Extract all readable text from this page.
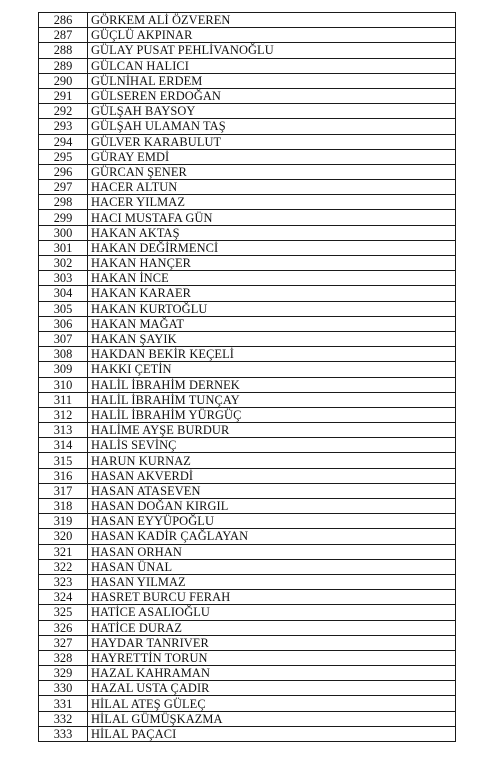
286	GÖRKEM ALİ ÖZVEREN
287	GÜÇLÜ AKPINAR
288	GÜLAY PUSAT PEHLİVANOĞLU
289	GÜLCAN HALICI
290	GÜLNİHAL ERDEM
291	GÜLSEREN ERDOĞAN
292	GÜLŞAH BAYSOY
293	GÜLŞAH ULAMAN TAŞ
294	GÜLVER KARABULUT
295	GÜRAY EMDİ
296	GÜRCAN ŞENER
297	HACER ALTUN
298	HACER YILMAZ
299	HACI MUSTAFA GÜN
300	HAKAN AKTAŞ
301	HAKAN DEĞİRMENCİ
302	HAKAN HANÇER
303	HAKAN İNCE
304	HAKAN KARAER
305	HAKAN KURTOĞLU
306	HAKAN MAĞAT
307	HAKAN ŞAYIK
308	HAKDAN BEKİR KEÇELİ
309	HAKKI ÇETİN
310	HALİL İBRAHİM DERNEK
311	HALİL İBRAHİM TUNÇAY
312	HALİL İBRAHİM YÜRGÜÇ
313	HALİME AYŞE BURDUR
314	HALİS SEVİNÇ
315	HARUN KURNAZ
316	HASAN AKVERDİ
317	HASAN ATASEVEN
318	HASAN DOĞAN KIRGIL
319	HASAN EYYÜPOĞLU
320	HASAN KADİR ÇAĞLAYAN
321	HASAN ORHAN
322	HASAN ÜNAL
323	HASAN YILMAZ
324	HASRET BURCU FERAH
325	HATİCE ASALIOĞLU
326	HATİCE DURAZ
327	HAYDAR TANRIVER
328	HAYRETTİN TORUN
329	HAZAL KAHRAMAN
330	HAZAL USTA ÇADIR
331	HİLAL ATEŞ GÜLEÇ
332	HİLAL GÜMÜŞKAZMA
333	HİLAL PAÇACI
